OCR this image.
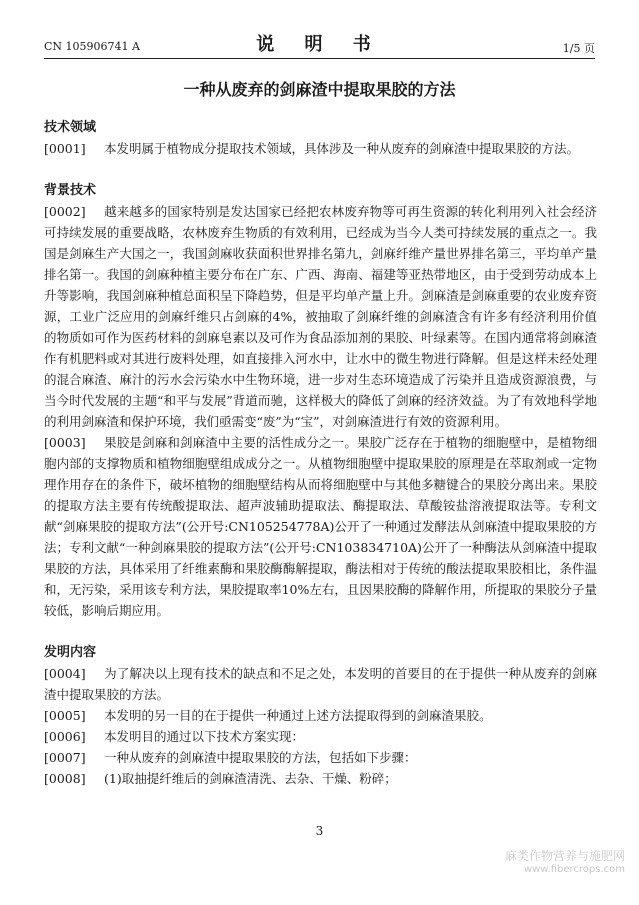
CN 105906741 A	说 明 书	1/5 页
一种从废弃的剑麻渣中提取果胶的方法

技术领域

[0001] 本发明属于植物成分提取技术领域，具体涉及一种从废弃的剑麻渣中提取果胶的方法。

背景技术

[0002] 越来越多的国家特别是发达国家已经把农林废弃物等可再生资源的转化利用列入社会经济可持续发展的重要战略，农林废弃生物质的有效利用，已经成为当今人类可持续发展的重点之一。我国是剑麻生产大国之一，我国剑麻收获面积世界排名第九，剑麻纤维产量世界排名第三，平均单产量排名第一。我国的剑麻种植主要分布在广东、广西、海南、福建等亚热带地区，由于受到劳动成本上升等影响，我国剑麻种植总面积呈下降趋势，但是平均单产量上升。剑麻渣是剑麻重要的农业废弃资源，工业广泛应用的剑麻纤维只占剑麻的4%，被抽取了剑麻纤维的剑麻渣含有许多有经济利用价值的物质如可作为医药材料的剑麻皂素以及可作为食品添加剂的果胶、叶绿素等。在国内通常将剑麻渣作有机肥料或对其进行废料处理，如直接排入河水中，让水中的微生物进行降解。但是这样未经处理的混合麻渣、麻汁的污水会污染水中生物环境，进一步对生态环境造成了污染并且造成资源浪费，与当今时代发展的主题“和平与发展”背道而驰，这样极大的降低了剑麻的经济效益。为了有效地科学地的利用剑麻渣和保护环境，我们亟需变“废”为“宝”，对剑麻渣进行有效的资源利用。

[0003] 果胶是剑麻和剑麻渣中主要的活性成分之一。果胶广泛存在于植物的细胞壁中，是植物细胞内部的支撑物质和植物细胞壁组成成分之一。从植物细胞壁中提取果胶的原理是在萃取剂或一定物理作用存在的条件下，破坏植物的细胞壁结构从而将细胞壁中与其他多糖键合的果胶分离出来。果胶的提取方法主要有传统酸提取法、超声波辅助提取法、酶提取法、草酸铵盐溶液提取法等。专利文献“剑麻果胶的提取方法”(公开号:CN105254778A)公开了一种通过发酵法从剑麻渣中提取果胶的方法；专利文献“一种剑麻果胶的提取方法”(公开号:CN103834710A)公开了一种酶法从剑麻渣中提取果胶的方法，具体采用了纤维素酶和果胶酶酶解提取，酶法相对于传统的酸法提取果胶相比，条件温和，无污染，采用该专利方法，果胶提取率10%左右，且因果胶酶的降解作用，所提取的果胶分子量较低，影响后期应用。

发明内容

[0004] 为了解决以上现有技术的缺点和不足之处，本发明的首要目的在于提供一种从废弃的剑麻渣中提取果胶的方法。

[0005] 本发明的另一目的在于提供一种通过上述方法提取得到的剑麻渣果胶。

[0006] 本发明目的通过以下技术方案实现：

[0007] 一种从废弃的剑麻渣中提取果胶的方法，包括如下步骤：

[0008] (1)取抽提纤维后的剑麻渣清洗、去杂、干燥、粉碎；

3
麻类作物营养与施肥网
www.fibercrops.com
